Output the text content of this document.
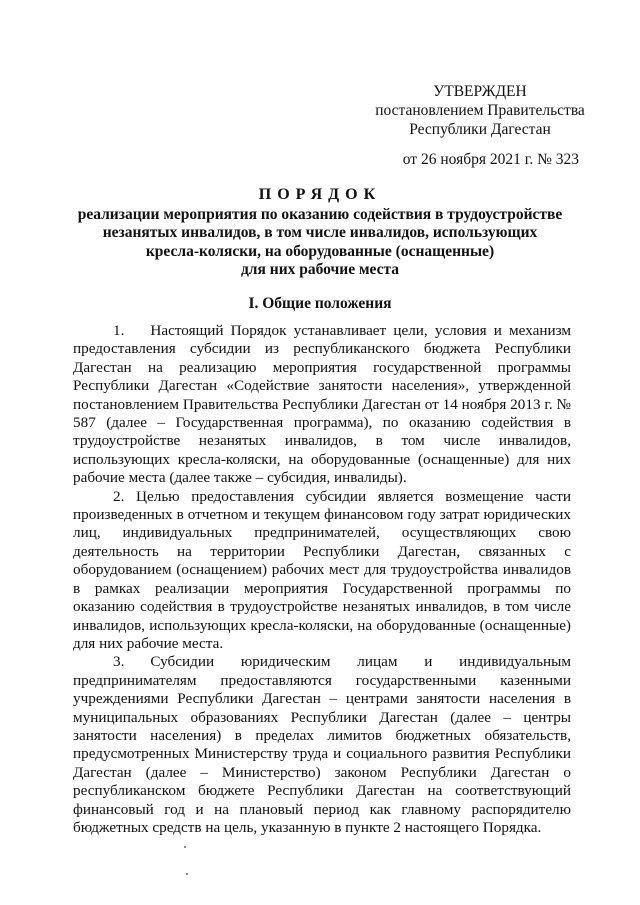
УТВЕРЖДЕН
постановлением Правительства
Республики Дагестан
от 26 ноября 2021 г. № 323
ПОРЯДОК
реализации мероприятия по оказанию содействия в трудоустройстве
незанятых инвалидов, в том числе инвалидов, использующих
кресла-коляски, на оборудованные (оснащенные)
для них рабочие места
I. Общие положения

1. Настоящий Порядок устанавливает цели, условия и механизм предоставления субсидии из республиканского бюджета Республики Дагестан на реализацию мероприятия государственной программы Республики Дагестан «Содействие занятости населения», утвержденной постановлением Правительства Республики Дагестан от 14 ноября 2013 г. № 587 (далее – Государственная программа), по оказанию содействия в трудоустройстве незанятых инвалидов, в том числе инвалидов, использующих кресла-коляски, на оборудованные (оснащенные) для них рабочие места (далее также – субсидия, инвалиды).

2. Целью предоставления субсидии является возмещение части произведенных в отчетном и текущем финансовом году затрат юридических лиц, индивидуальных предпринимателей, осуществляющих свою деятельность на территории Республики Дагестан, связанных с оборудованием (оснащением) рабочих мест для трудоустройства инвалидов в рамках реализации мероприятия Государственной программы по оказанию содействия в трудоустройстве незанятых инвалидов, в том числе инвалидов, использующих кресла-коляски, на оборудованные (оснащенные) для них рабочие места.

3. Субсидии юридическим лицам и индивидуальным предпринимателям предоставляются государственными казенными учреждениями Республики Дагестан – центрами занятости населения в муниципальных образованиях Республики Дагестан (далее – центры занятости населения) в пределах лимитов бюджетных обязательств, предусмотренных Министерству труда и социального развития Республики Дагестан (далее – Министерство) законом Республики Дагестан о республиканском бюджете Республики Дагестан на соответствующий финансовый год и на плановый период как главному распорядителю бюджетных средств на цель, указанную в пункте 2 настоящего Порядка.
